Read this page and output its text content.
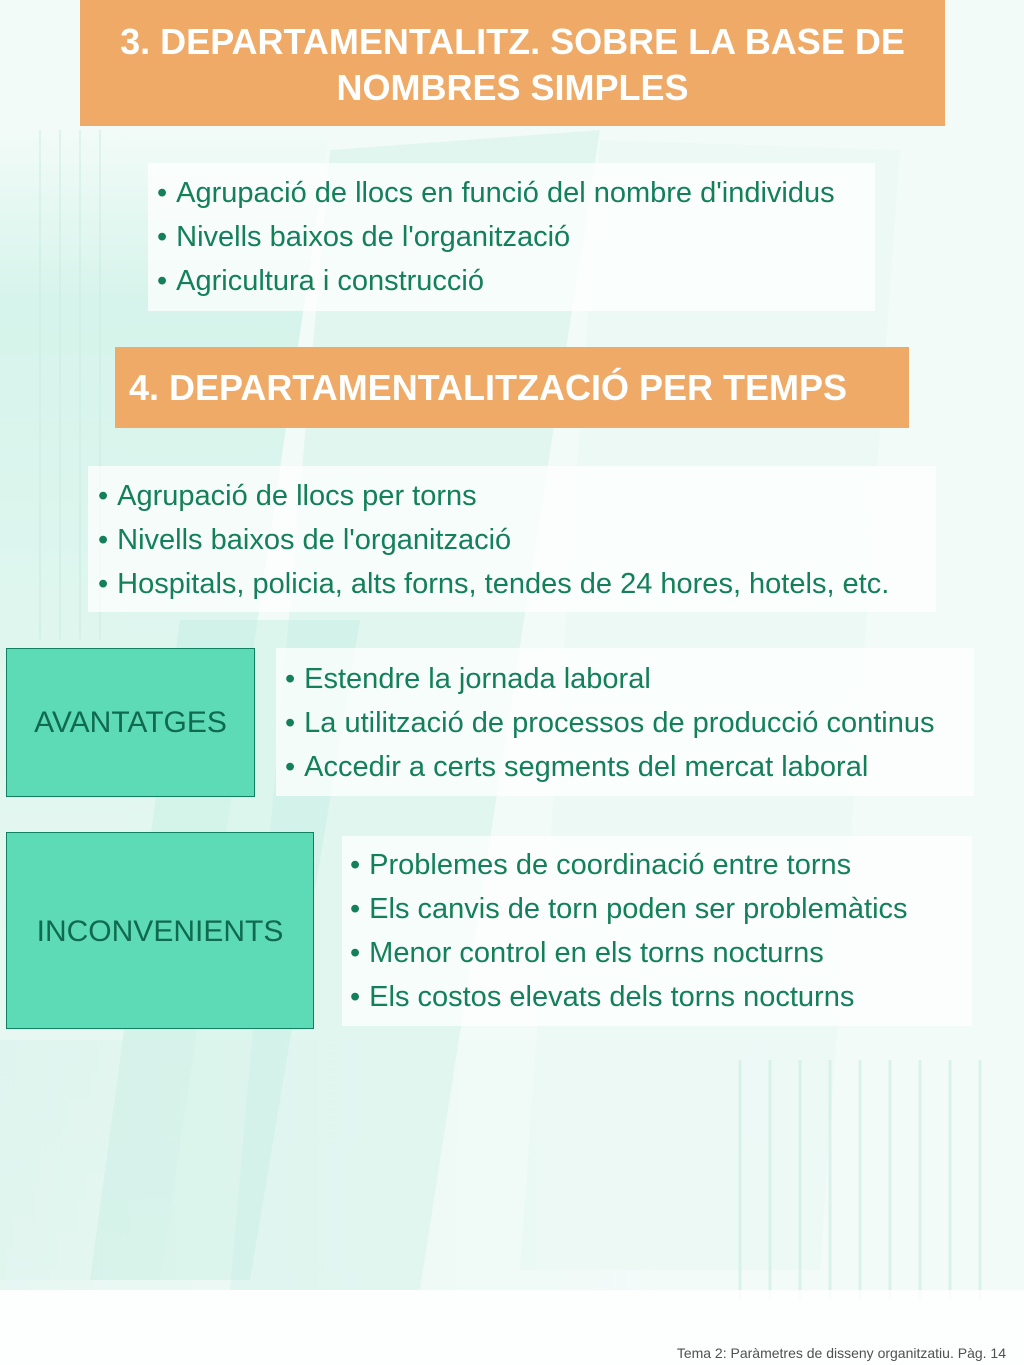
3. DEPARTAMENTALITZ. SOBRE LA BASE DE
NOMBRES SIMPLES
• Agrupació de llocs en funció del nombre d'individus
• Nivells baixos de l'organització
• Agricultura i construcció
4. DEPARTAMENTALITZACIÓ PER TEMPS
• Agrupació de llocs per torns
• Nivells baixos de l'organització
• Hospitals, policia, alts forns, tendes de 24 hores, hotels, etc.
AVANTATGES
• Estendre la jornada laboral
• La utilització de processos de producció continus
• Accedir a certs segments del mercat laboral
INCONVENIENTS
• Problemes de coordinació entre torns
• Els canvis de torn poden ser problemàtics
• Menor control en els torns nocturns
• Els costos elevats dels torns nocturns
Tema 2: Paràmetres de disseny organitzatiu. Pàg. 14
